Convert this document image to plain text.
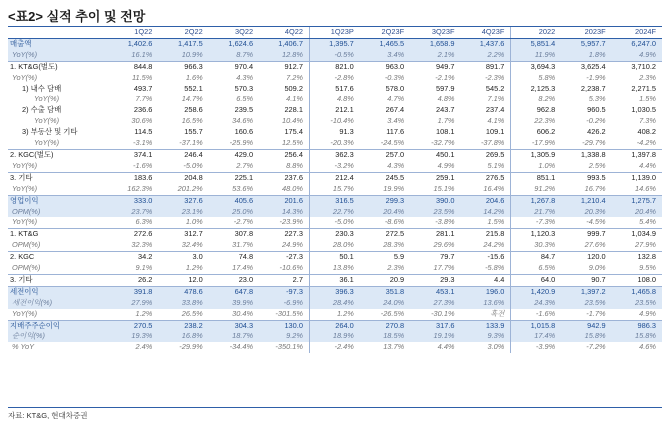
<표2> 실적 추이 및 전망
	1Q22	2Q22	3Q22	4Q22	1Q23P	2Q23F	3Q23F	4Q23F	2022	2023F	2024F
매출액	1,402.6	1,417.5	1,624.6	1,406.7	1,395.7	1,465.5	1,658.9	1,437.6	5,851.4	5,957.7	6,247.0
YoY(%)	16.1%	10.9%	8.7%	12.8%	-0.5%	3.4%	2.1%	2.2%	11.9%	1.8%	4.9%
1. KT&G(별도)	844.8	966.3	970.4	912.7	821.0	963.0	949.7	891.7	3,694.3	3,625.4	3,710.2
YoY(%)	11.5%	1.6%	4.3%	7.2%	-2.8%	-0.3%	-2.1%	-2.3%	5.8%	-1.9%	2.3%
1) 내수 담배	493.7	552.1	570.3	509.2	517.6	578.0	597.9	545.2	2,125.3	2,238.7	2,271.5
YoY(%)	7.7%	14.7%	6.5%	4.1%	4.8%	4.7%	4.8%	7.1%	8.2%	5.3%	1.5%
2) 수출 담배	236.6	258.6	239.5	228.1	212.1	267.4	243.7	237.4	962.8	960.5	1,030.5
YoY(%)	30.6%	16.5%	34.6%	10.4%	-10.4%	3.4%	1.7%	4.1%	22.3%	-0.2%	7.3%
3) 부동산 및 기타	114.5	155.7	160.6	175.4	91.3	117.6	108.1	109.1	606.2	426.2	408.2
YoY(%)	-3.1%	-37.1%	-25.9%	12.5%	-20.3%	-24.5%	-32.7%	-37.8%	-17.9%	-29.7%	-4.2%
2. KGC(별도)	374.1	246.4	429.0	256.4	362.3	257.0	450.1	269.5	1,305.9	1,338.8	1,397.8
YoY(%)	-1.6%	-5.0%	2.7%	8.8%	-3.2%	4.3%	4.9%	5.1%	1.0%	2.5%	4.4%
3. 기타	183.6	204.8	225.1	237.6	212.4	245.5	259.1	276.5	851.1	993.5	1,139.0
YoY(%)	162.3%	201.2%	53.6%	48.0%	15.7%	19.9%	15.1%	16.4%	91.2%	16.7%	14.6%
영업이익	333.0	327.6	405.6	201.6	316.5	299.3	390.0	204.6	1,267.8	1,210.4	1,275.7
OPM(%)	23.7%	23.1%	25.0%	14.3%	22.7%	20.4%	23.5%	14.2%	21.7%	20.3%	20.4%
YoY(%)	6.3%	1.0%	-2.7%	-23.9%	-5.0%	-8.6%	-3.8%	1.5%	-7.3%	-4.5%	5.4%
1. KT&G	272.6	312.7	307.8	227.3	230.3	272.5	281.1	215.8	1,120.3	999.7	1,034.9
OPM(%)	32.3%	32.4%	31.7%	24.9%	28.0%	28.3%	29.6%	24.2%	30.3%	27.6%	27.9%
2. KGC	34.2	3.0	74.8	-27.3	50.1	5.9	79.7	-15.6	84.7	120.0	132.8
OPM(%)	9.1%	1.2%	17.4%	-10.6%	13.8%	2.3%	17.7%	-5.8%	6.5%	9.0%	9.5%
3. 기타	26.2	12.0	23.0	2.7	36.1	20.9	29.3	4.4	64.0	90.7	108.0
세전이익	391.8	478.6	647.8	-97.3	396.3	351.8	453.1	196.0	1,420.9	1,397.2	1,465.8
세전이익(%)	27.9%	33.8%	39.9%	-6.9%	28.4%	24.0%	27.3%	13.6%	24.3%	23.5%	23.5%
YoY(%)	1.2%	26.5%	30.4%	-301.5%	1.2%	-26.5%	-30.1%	흑전	-1.6%	-1.7%	4.9%
지배주주순이익	270.5	238.2	304.3	130.0	264.0	270.8	317.6	133.9	1,015.8	942.9	986.3
순이익(%)	19.3%	16.8%	18.7%	9.2%	18.9%	18.5%	19.1%	9.3%	17.4%	15.8%	15.8%
% YoY	2.4%	-29.9%	-34.4%	-350.1%	-2.4%	13.7%	4.4%	3.0%	-3.9%	-7.2%	4.6%
자료: KT&G, 현대차증권
